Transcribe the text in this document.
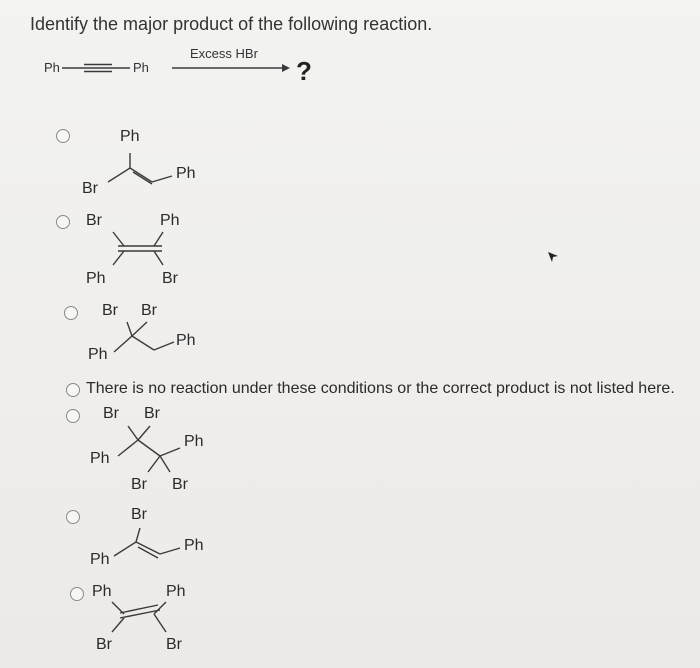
Identify the major product of the following reaction.
Ph	Ph
Excess HBr
?
Ph
Ph
Br
Br	Ph
Ph	Br
Br Br
Ph
Ph
There is no reaction under these conditions or the correct product is not listed here.
Br Br
Ph
Ph
Br Br
Br
Ph
Ph
Ph	Ph
Br	Br
